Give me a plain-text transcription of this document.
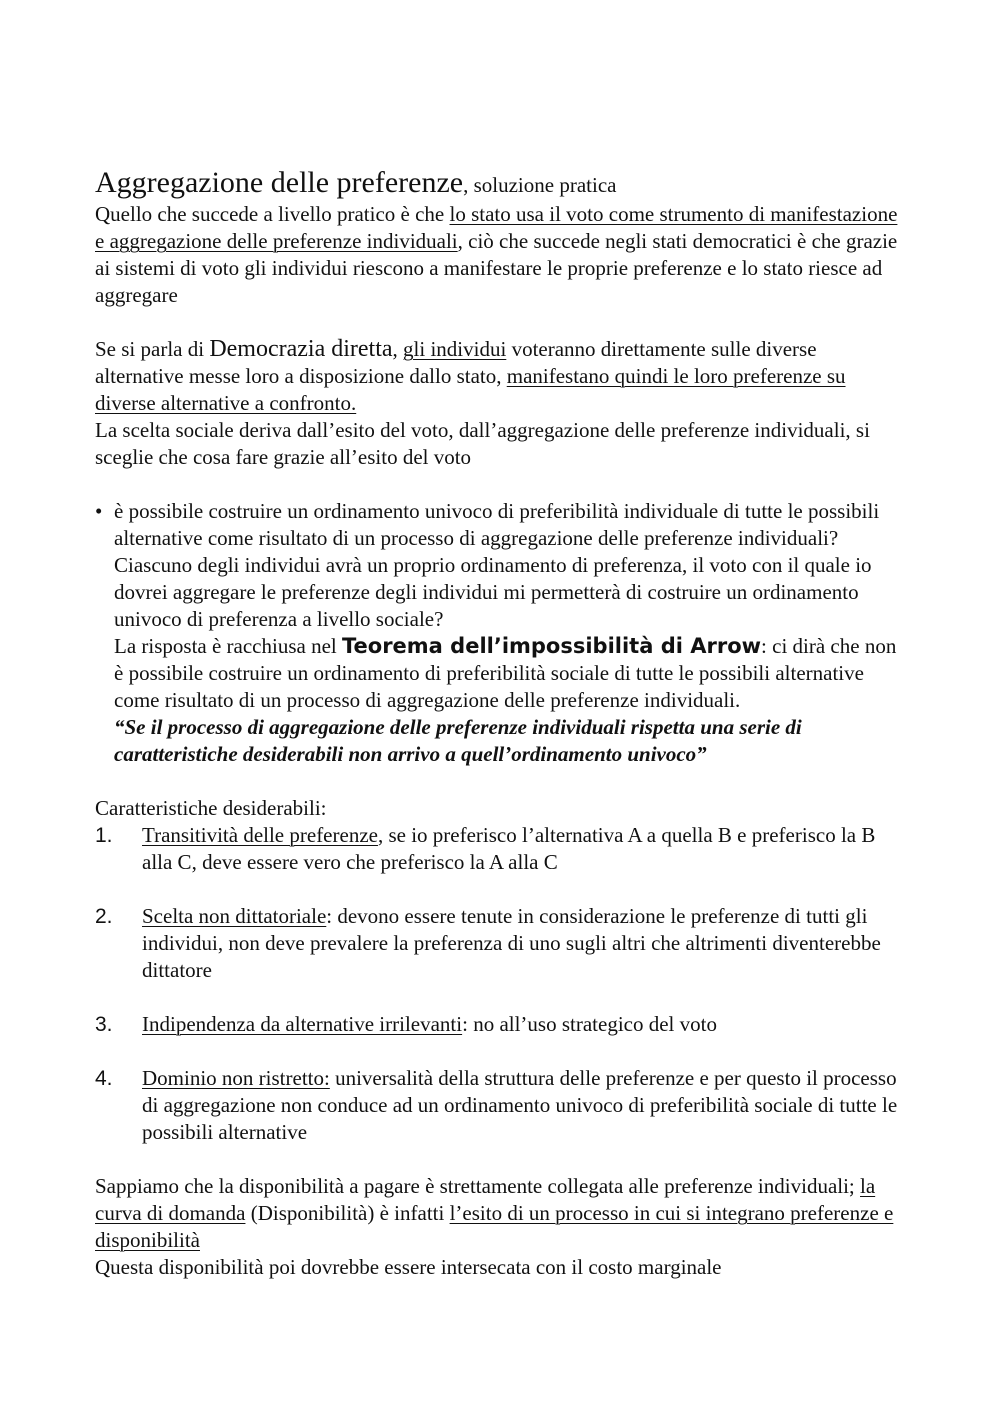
Aggregazione delle preferenze, soluzione pratica

Quello che succede a livello pratico è che lo stato usa il voto come strumento di manifestazione e aggregazione delle preferenze individuali, ciò che succede negli stati democratici è che grazie ai sistemi di voto gli individui riescono a manifestare le proprie preferenze e lo stato riesce ad aggregare

Se si parla di Democrazia diretta, gli individui voteranno direttamente sulle diverse alternative messe loro a disposizione dallo stato, manifestano quindi le loro preferenze su diverse alternative a confronto.

La scelta sociale deriva dall’esito del voto, dall’aggregazione delle preferenze individuali, si sceglie che cosa fare grazie all’esito del voto

• è possibile costruire un ordinamento univoco di preferibilità individuale di tutte le possibili alternative come risultato di un processo di aggregazione delle preferenze individuali? Ciascuno degli individui avrà un proprio ordinamento di preferenza, il voto con il quale io dovrei aggregare le preferenze degli individui mi permetterà di costruire un ordinamento univoco di preferenza a livello sociale?

La risposta è racchiusa nel Teorema dell’impossibilità di Arrow: ci dirà che non è possibile costruire un ordinamento di preferibilità sociale di tutte le possibili alternative come risultato di un processo di aggregazione delle preferenze individuali.

“Se il processo di aggregazione delle preferenze individuali rispetta una serie di caratteristiche desiderabili non arrivo a quell’ordinamento univoco”

Caratteristiche desiderabili:

1. Transitività delle preferenze, se io preferisco l’alternativa A a quella B e preferisco la B alla C, deve essere vero che preferisco la A alla C

2. Scelta non dittatoriale: devono essere tenute in considerazione le preferenze di tutti gli individui, non deve prevalere la preferenza di uno sugli altri che altrimenti diventerebbe dittatore

3. Indipendenza da alternative irrilevanti: no all’uso strategico del voto

4. Dominio non ristretto: universalità della struttura delle preferenze e per questo il processo di aggregazione non conduce ad un ordinamento univoco di preferibilità sociale di tutte le possibili alternative

Sappiamo che la disponibilità a pagare è strettamente collegata alle preferenze individuali; la curva di domanda (Disponibilità) è infatti l’esito di un processo in cui si integrano preferenze e disponibilità

Questa disponibilità poi dovrebbe essere intersecata con il costo marginale
